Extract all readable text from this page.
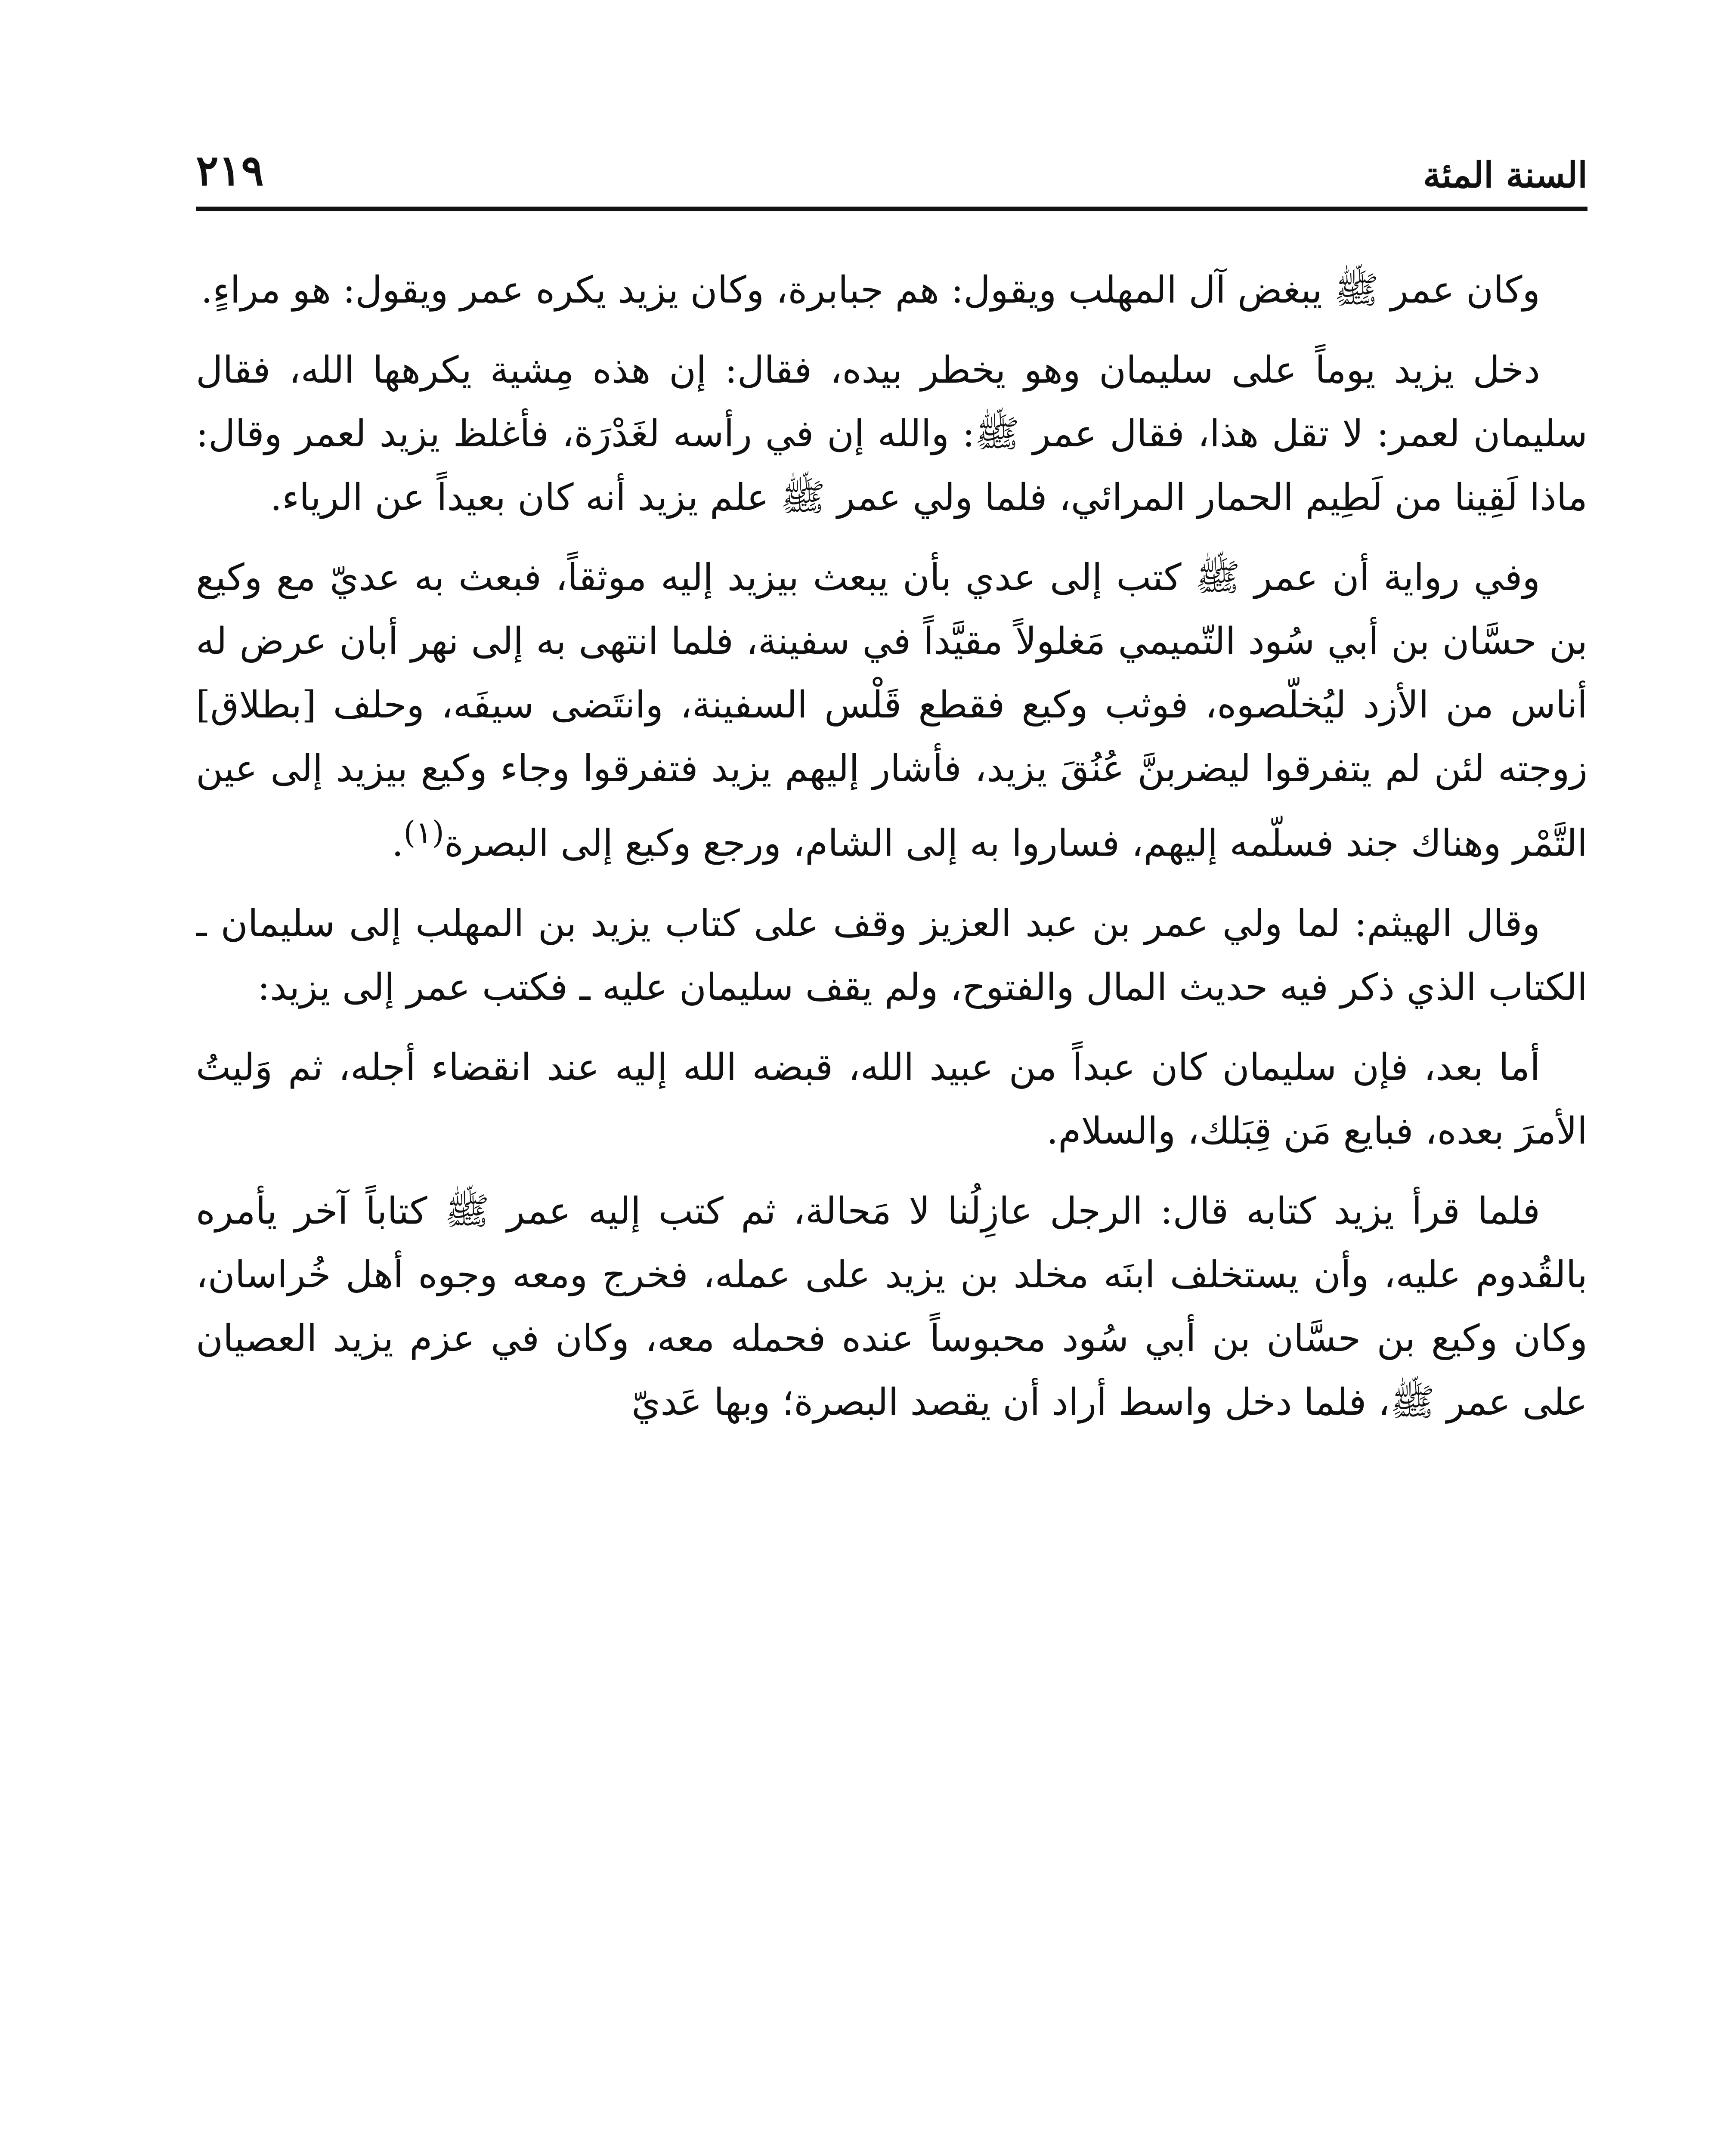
السنة المئة
٢١٩

وكان عمر ﷺ يبغض آل المهلب ويقول: هم جبابرة، وكان يزيد يكره عمر ويقول: هو مراءٍ.

دخل يزيد يوماً على سليمان وهو يخطر بيده، فقال: إن هذه مِشية يكرهها الله، فقال سليمان لعمر: لا تقل هذا، فقال عمر ﷺ: والله إن في رأسه لغَدْرَة، فأغلظ يزيد لعمر وقال: ماذا لَقِينا من لَطِيم الحمار المرائي، فلما ولي عمر ﷺ علم يزيد أنه كان بعيداً عن الرياء.

وفي رواية أن عمر ﷺ كتب إلى عدي بأن يبعث بيزيد إليه موثقاً، فبعث به عديّ مع وكيع بن حسَّان بن أبي سُود التّميمي مَغلولاً مقيَّداً في سفينة، فلما انتهى به إلى نهر أبان عرض له أناس من الأزد ليُخلّصوه، فوثب وكيع فقطع قَلْس السفينة، وانتَضى سيفَه، وحلف [بطلاق] زوجته لئن لم يتفرقوا ليضربنَّ عُنُقَ يزيد، فأشار إليهم يزيد فتفرقوا وجاء وكيع بيزيد إلى عين التَّمْر وهناك جند فسلّمه إليهم، فساروا به إلى الشام، ورجع وكيع إلى البصرة$^{(١)}$.

وقال الهيثم: لما ولي عمر بن عبد العزيز وقف على كتاب يزيد بن المهلب إلى سليمان ـ الكتاب الذي ذكر فيه حديث المال والفتوح، ولم يقف سليمان عليه ـ فكتب عمر إلى يزيد:

أما بعد، فإن سليمان كان عبداً من عبيد الله، قبضه الله إليه عند انقضاء أجله، ثم وَليتُ الأمرَ بعده، فبايع مَن قِبَلك، والسلام.

فلما قرأ يزيد كتابه قال: الرجل عازِلُنا لا مَحالة، ثم كتب إليه عمر ﷺ كتاباً آخر يأمره بالقُدوم عليه، وأن يستخلف ابنَه مخلد بن يزيد على عمله، فخرج ومعه وجوه أهل خُراسان، وكان وكيع بن حسَّان بن أبي سُود محبوساً عنده فحمله معه، وكان في عزم يزيد العصيان على عمر ﷺ، فلما دخل واسط أراد أن يقصد البصرة؛ وبها عَديّ
